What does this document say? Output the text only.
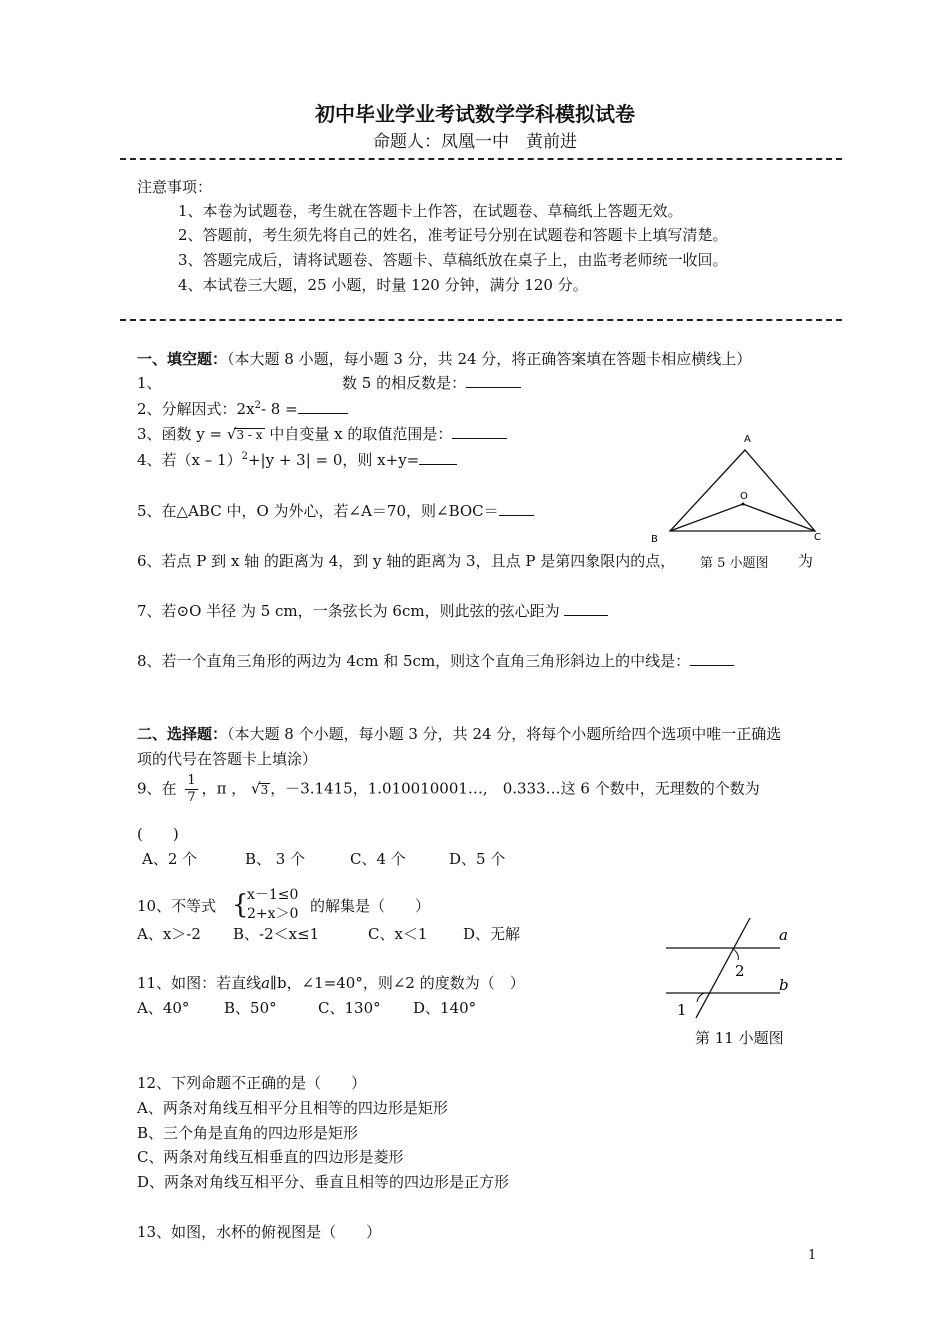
初中毕业学业考试数学学科模拟试卷
命题人：凤凰一中　黄前进
注意事项：
1、本卷为试题卷，考生就在答题卡上作答，在试题卷、草稿纸上答题无效。
2、答题前，考生须先将自己的姓名，准考证号分别在试题卷和答题卡上填写清楚。
3、答题完成后，请将试题卷、答题卡、草稿纸放在桌子上，由监考老师统一收回。
4、本试卷三大题，25 小题，时量 120 分钟，满分 120 分。
一、填空题：（本大题 8 小题，每小题 3 分，共 24 分，将正确答案填在答题卡相应横线上）
1、	数 5 的相反数是：
2、分解因式：$2x^2-$ 8 =
3、函数 y = √3 - x 中自变量 x 的取值范围是：
4、若（x – 1）$^2$+|y + 3| = 0，则 x+y=
5、在△ABC 中，O 为外心，若∠A＝70，则∠BOC＝
6、若点 P 到 x 轴 的距离为 4，到 y 轴的距离为 3，且点 P 是第四象限内的点，	为
A
B	C
O
第 5 小题图
7、若⊙O 半径 为 5 cm，一条弦长为 6cm，则此弦的弦心距为
8、若一个直角三角形的两边为 4cm 和 5cm，则这个直角三角形斜边上的中线是：
二、选择题：（本大题 8 个小题，每小题 3 分，共 24 分，将每个小题所给四个选项中唯一正确选
项的代号在答题卡上填涂）
9、在 $\frac{1}{7}$ ，π ， √3 ，－3.1415，1.010010001…,　0.333…这 6 个数中，无理数的个数为
(　　)
A、2 个	B、 3 个	C、4 个	D、5 个
10、不等式 {
x－1≤0
2+x＞0 的解集是（　　）
A、x＞-2 B、-2＜x≤1	C、x＜1 D、无解
11、如图：若直线a∥b，∠1=40°，则∠2 的度数为（　）
A、40° B、50°	C、130° D、140°
a
b
2
1
第 11 小题图
12、下列命题不正确的是（　　）
A、两条对角线互相平分且相等的四边形是矩形
B、三个角是直角的四边形是矩形
C、两条对角线互相垂直的四边形是菱形
D、两条对角线互相平分、垂直且相等的四边形是正方形
13、如图，水杯的俯视图是（　　）
1
